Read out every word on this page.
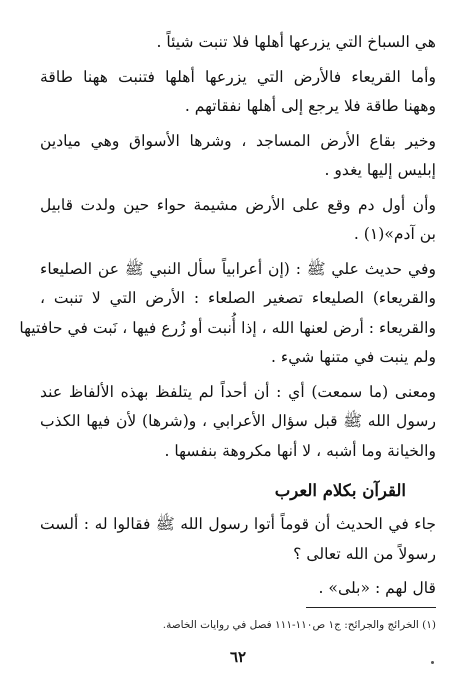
هي السباخ التي يزرعها أهلها فلا تنبت شيئاً .
وأما القريعاء فالأرض التي يزرعها أهلها فتنبت ههنا طاقة
وههنا طاقة فلا يرجع إلى أهلها نفقاتهم .
وخير بقاع الأرض المساجد ، وشرها الأسواق وهي ميادين
إبليس إليها يغدو .
وأن أول دم وقع على الأرض مشيمة حواء حين ولدت قابيل
بن آدم»(١) .
وفي حديث علي ﷺ : (إن أعرابياً سأل النبي ﷺ عن الصليعاء
والقريعاء) الصليعاء تصغير الصلعاء : الأرض التي لا تنبت ،
والقريعاء : أرض لعنها الله ، إذا أُنبت أو زُرع فيها ، نَبت في حافتيها
ولم ينبت في متنها شيء .
ومعنى (ما سمعت) أي : أن أحداً لم يتلفظ بهذه الألفاظ عند
رسول الله ﷺ قبل سؤال الأعرابي ، و(شرها) لأن فيها الكذب
والخيانة وما أشبه ، لا أنها مكروهة بنفسها .
القرآن بكلام العرب
جاء في الحديث أن قوماً أتوا رسول الله ﷺ فقالوا له : ألست
رسولاً من الله تعالى ؟
قال لهم : «بلى» .
(١) الخرائج والجرائح: ج١ ص١١٠-١١١ فصل في روايات الخاصة.
٦٢
